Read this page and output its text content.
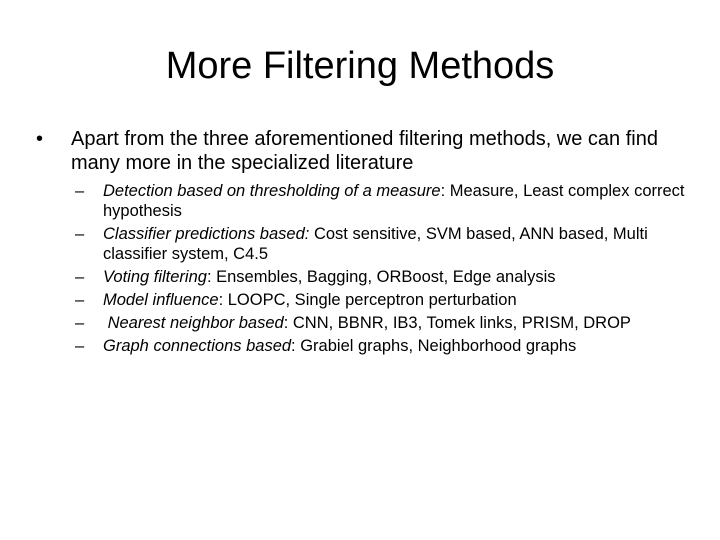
More Filtering Methods
•	Apart from the three aforementioned filtering methods, we can find many more in the specialized literature
– Detection based on thresholding of a measure: Measure, Least complex correct hypothesis
– Classifier predictions based: Cost sensitive, SVM based, ANN based, Multi classifier system, C4.5
– Voting filtering: Ensembles, Bagging, ORBoost, Edge analysis
– Model influence: LOOPC, Single perceptron perturbation
– Nearest neighbor based: CNN, BBNR, IB3, Tomek links, PRISM, DROP
– Graph connections based: Grabiel graphs, Neighborhood graphs
